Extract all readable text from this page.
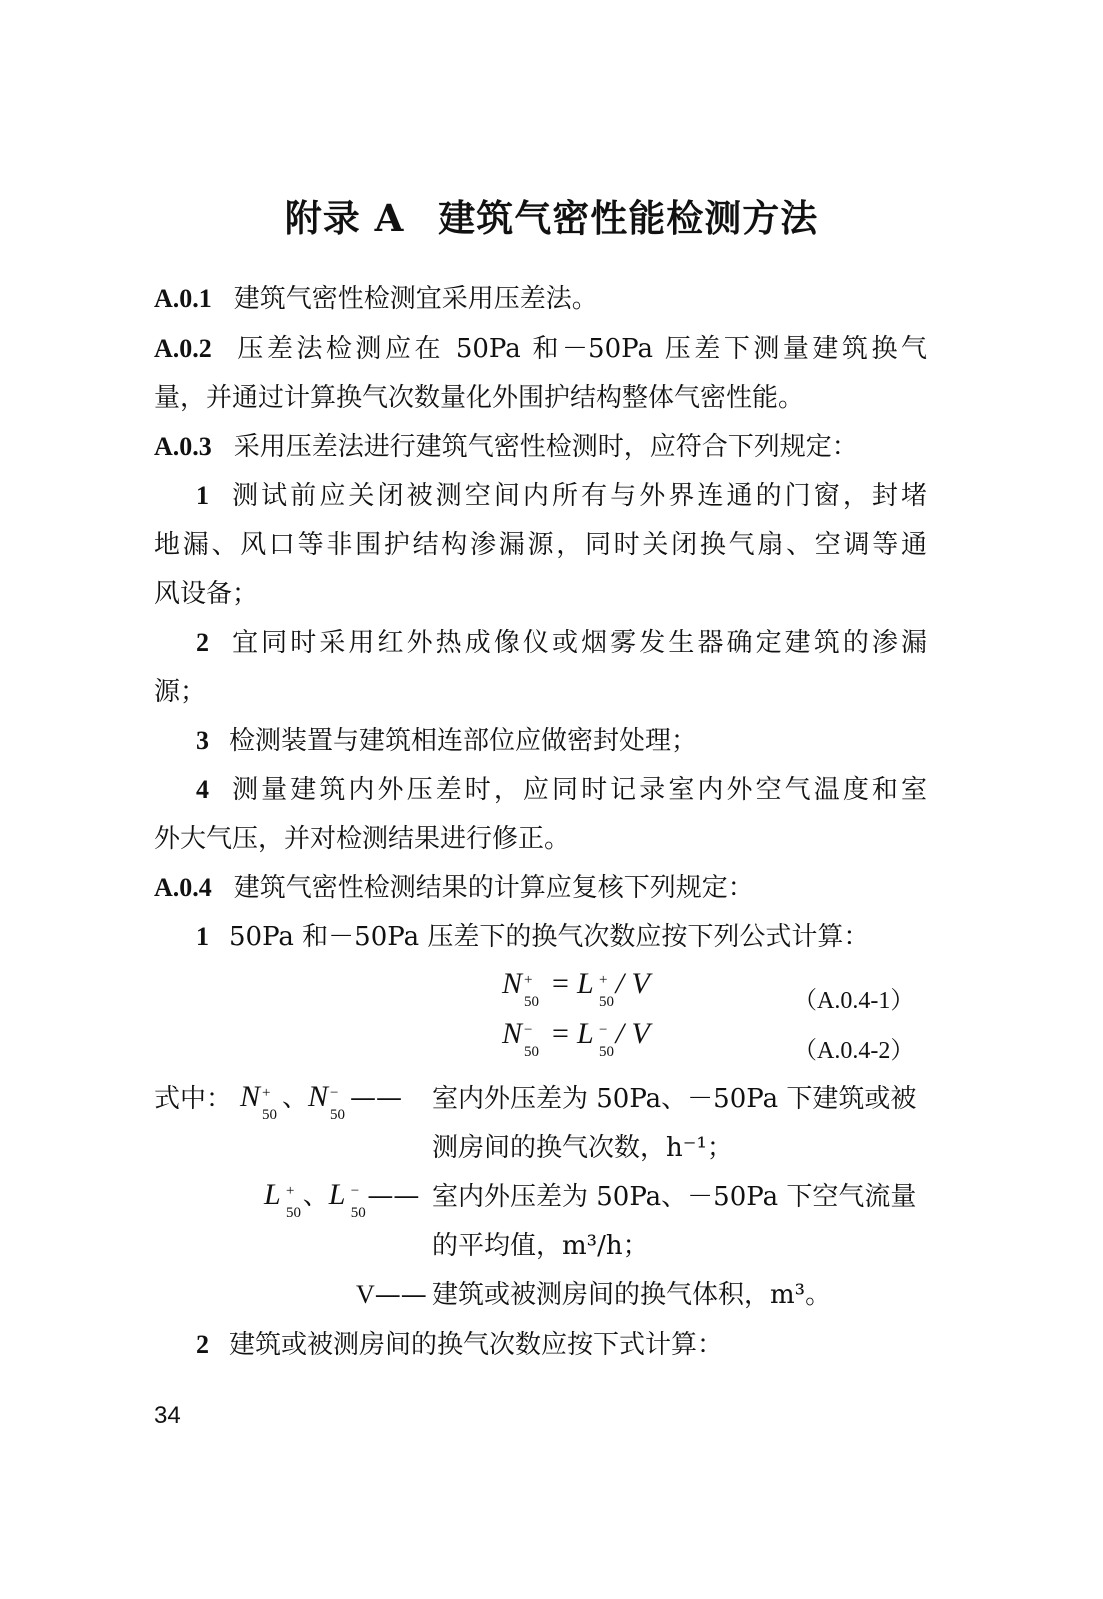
附录 A 建筑气密性能检测方法
A.0.1 建筑气密性检测宜采用压差法。
A.0.2 压差法检测应在 50Pa 和－50Pa 压差下测量建筑换气
量，并通过计算换气次数量化外围护结构整体气密性能。
A.0.3 采用压差法进行建筑气密性检测时，应符合下列规定：
1 测试前应关闭被测空间内所有与外界连通的门窗，封堵
地漏、风口等非围护结构渗漏源，同时关闭换气扇、空调等通
风设备；
2 宜同时采用红外热成像仪或烟雾发生器确定建筑的渗漏
源；
3 检测装置与建筑相连部位应做密封处理；
4 测量建筑内外压差时，应同时记录室内外空气温度和室
外大气压，并对检测结果进行修正。
A.0.4 建筑气密性检测结果的计算应复核下列规定：
1 50Pa 和－50Pa 压差下的换气次数应按下列公式计算：
N +
50
= L +
50
/ V
（A.0.4-1）
N −
50
= L −
50
/ V
（A.0.4-2）
式中： N +
50
、N −
50
—— 室内外压差为 50Pa、－50Pa 下建筑或被
测房间的换气次数，h⁻¹；
L +
50
、L −
50
—— 室内外压差为 50Pa、－50Pa 下空气流量
的平均值，m³/h；
V—— 建筑或被测房间的换气体积，m³。
2 建筑或被测房间的换气次数应按下式计算：
34
